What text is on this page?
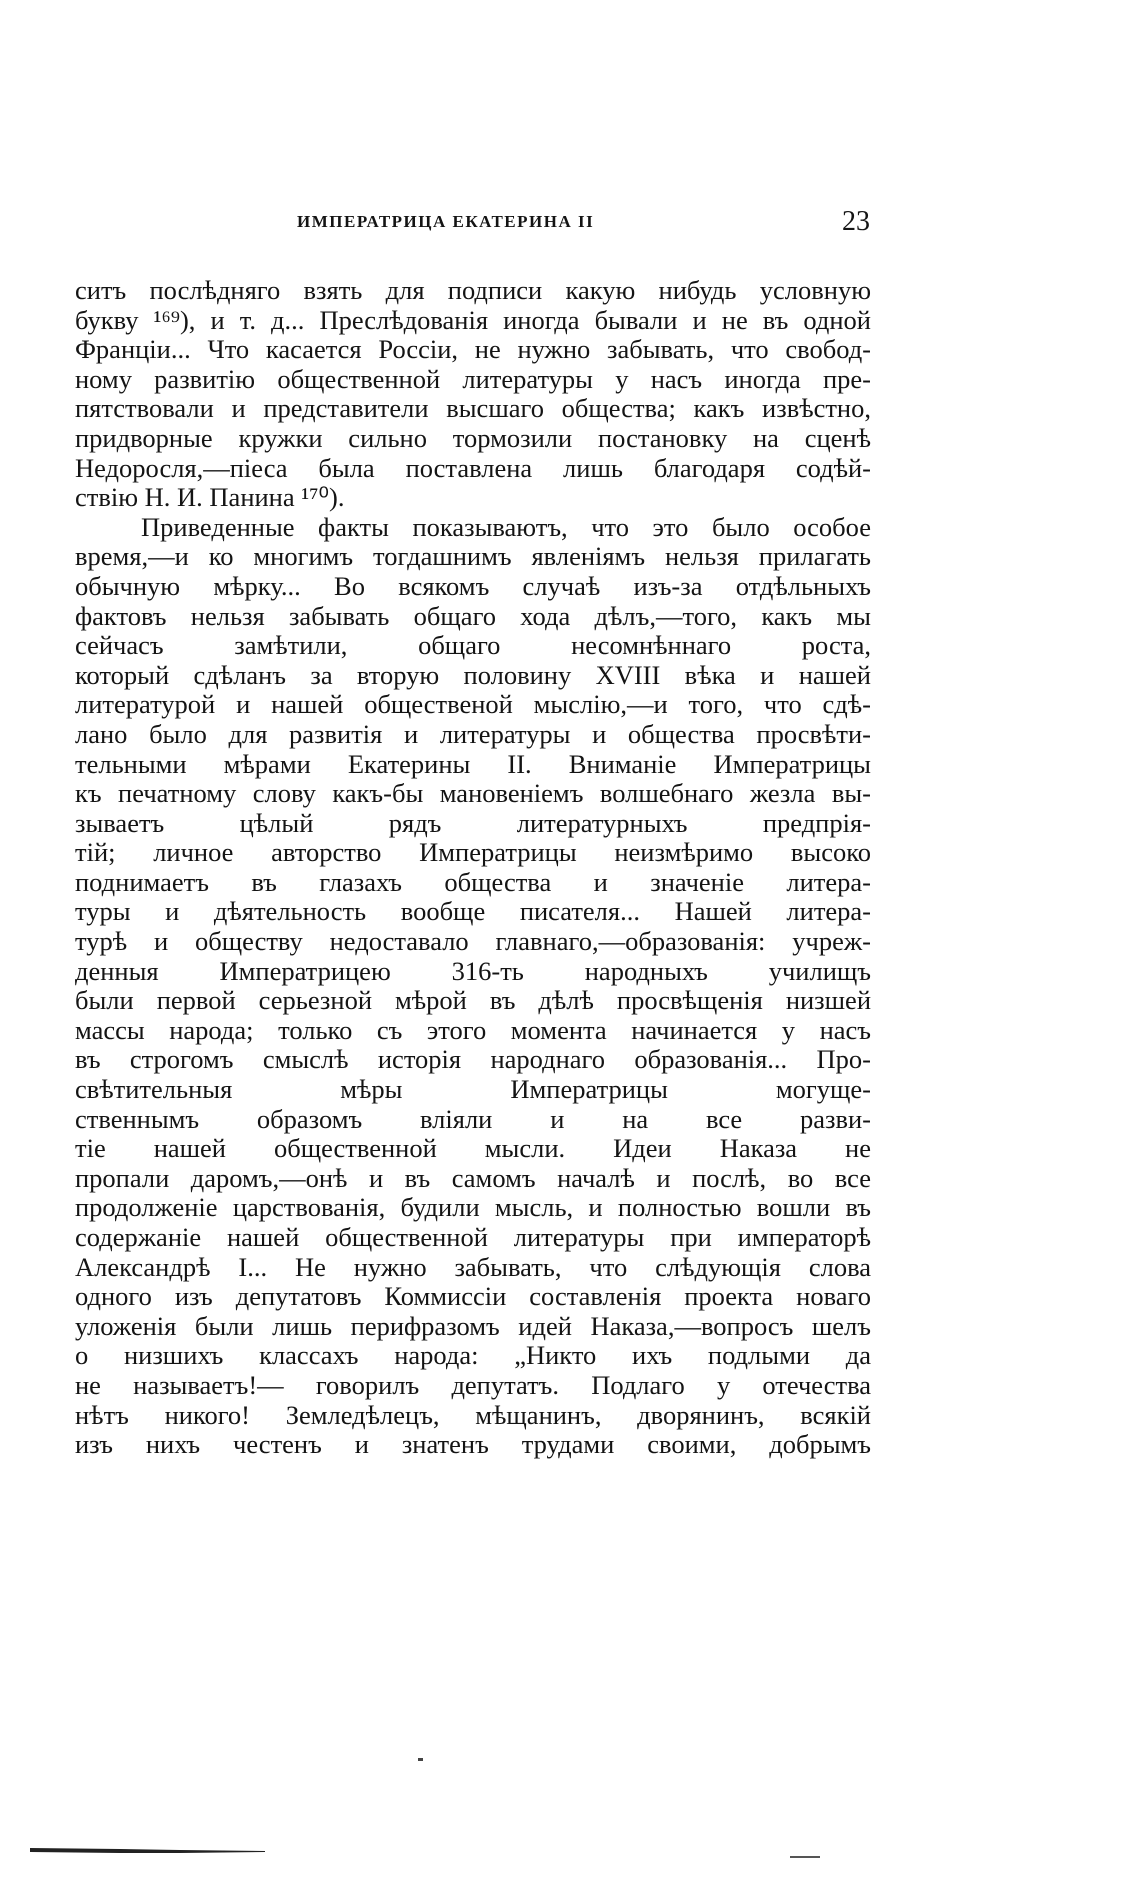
ИМПЕРАТРИЦА ЕКАТЕРИНА II	23
ситъ послѣдняго взять для подписи какую нибудь условную
букву ¹⁶⁹), и т. д... Преслѣдованія иногда бывали и не въ одной
Франціи... Что касается Россіи, не нужно забывать, что свобод-
ному развитію общественной литературы у насъ иногда пре-
пятствовали и представители высшаго общества; какъ извѣстно,
придворные кружки сильно тормозили постановку на сценѣ
Недоросля,—піеса была поставлена лишь благодаря содѣй-
ствію Н. И. Панина ¹⁷⁰).
Приведенные факты показываютъ, что это было особое
время,—и ко многимъ тогдашнимъ явленіямъ нельзя прилагать
обычную мѣрку... Во всякомъ случаѣ изъ-за отдѣльныхъ
фактовъ нельзя забывать общаго хода дѣлъ,—того, какъ мы
сейчасъ замѣтили, общаго несомнѣннаго роста,
который сдѣланъ за вторую половину XVIII вѣка и нашей
литературой и нашей общественой мыслію,—и того, что сдѣ-
лано было для развитія и литературы и общества просвѣти-
тельными мѣрами Екатерины II. Вниманіе Императрицы
къ печатному слову какъ-бы мановеніемъ волшебнаго жезла вы-
зываетъ цѣлый рядъ литературныхъ предпрія-
тій; личное авторство Императрицы неизмѣримо высоко
поднимаетъ въ глазахъ общества и значеніе литера-
туры и дѣятельность вообще писателя... Нашей литера-
турѣ и обществу недоставало главнаго,—образованія: учреж-
денныя Императрицею 316-ть народныхъ училищъ
были первой серьезной мѣрой въ дѣлѣ просвѣщенія низшей
массы народа; только съ этого момента начинается у насъ
въ строгомъ смыслѣ исторія народнаго образованія... Про-
свѣтительныя мѣры Императрицы могуще-
ственнымъ образомъ вліяли и на все разви-
тіе нашей общественной мысли. Идеи Наказа не
пропали даромъ,—онѣ и въ самомъ началѣ и послѣ, во все
продолженіе царствованія, будили мысль, и полностью вошли въ
содержаніе нашей общественной литературы при императорѣ
Александрѣ I... Не нужно забывать, что слѣдующія слова
одного изъ депутатовъ Коммиссіи составленія проекта новаго
уложенія были лишь перифразомъ идей Наказа,—вопросъ шелъ
о низшихъ классахъ народа: „Никто ихъ подлыми да
не называетъ!— говорилъ депутатъ. Подлаго у отечества
нѣтъ никого! Земледѣлецъ, мѣщанинъ, дворянинъ, всякій
изъ нихъ честенъ и знатенъ трудами своими, добрымъ
